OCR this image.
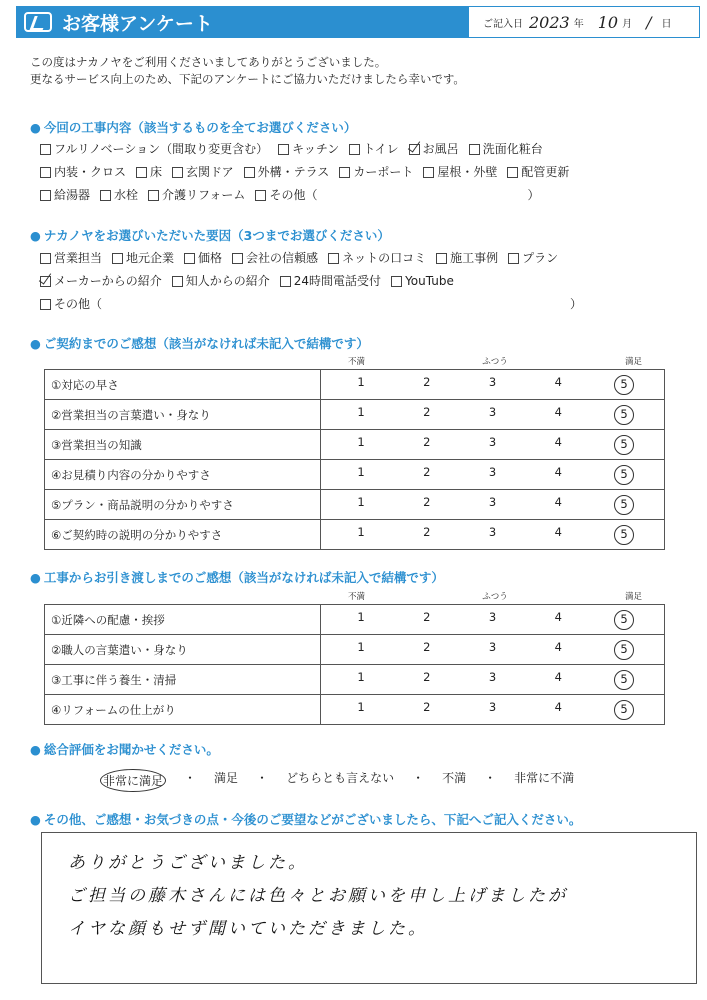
お客様アンケート	ご記入日 2023 年 10 月 / 日
この度はナカノヤをご利用くださいましてありがとうございました。
更なるサービス向上のため、下記のアンケートにご協力いただけましたら幸いです。
● 今回の工事内容（該当するものを全てお選びください）
フルリノベーション（間取り変更含む） キッチン トイレ お風呂 洗面化粧台
内装・クロス 床 玄関ドア 外構・テラス カーポート 屋根・外壁 配管更新
給湯器 水栓 介護リフォーム その他（	）
● ナカノヤをお選びいただいた要因（3つまでお選びください）
営業担当 地元企業 価格 会社の信頼感 ネットの口コミ 施工事例 プラン
メーカーからの紹介 知人からの紹介 24時間電話受付 YouTube
その他（	）
● ご契約までのご感想（該当がなければ未記入で結構です）
不満	ふつう	満足
①対応の早さ	1 2 3 4 5

②営業担当の言葉遣い・身なり	1 2 3 4 5

③営業担当の知識	1 2 3 4 5

④お見積り内容の分かりやすさ	1 2 3 4 5

⑤プラン・商品説明の分かりやすさ	1 2 3 4 5

⑥ご契約時の説明の分かりやすさ	1 2 3 4 5
● 工事からお引き渡しまでのご感想（該当がなければ未記入で結構です）
不満	ふつう	満足
①近隣への配慮・挨拶	1 2 3 4 5

②職人の言葉遣い・身なり	1 2 3 4 5

③工事に伴う養生・清掃	1 2 3 4 5

④リフォームの仕上がり	1 2 3 4 5
● 総合評価をお聞かせください。
非常に満足 ・ 満足 ・ どちらとも言えない ・ 不満 ・ 非常に不満
● その他、ご感想・お気づきの点・今後のご要望などがございましたら、下記へご記入ください。
ありがとうございました。
ご担当の藤木さんには色々とお願いを申し上げましたが
イヤな顔もせず聞いていただきました。
